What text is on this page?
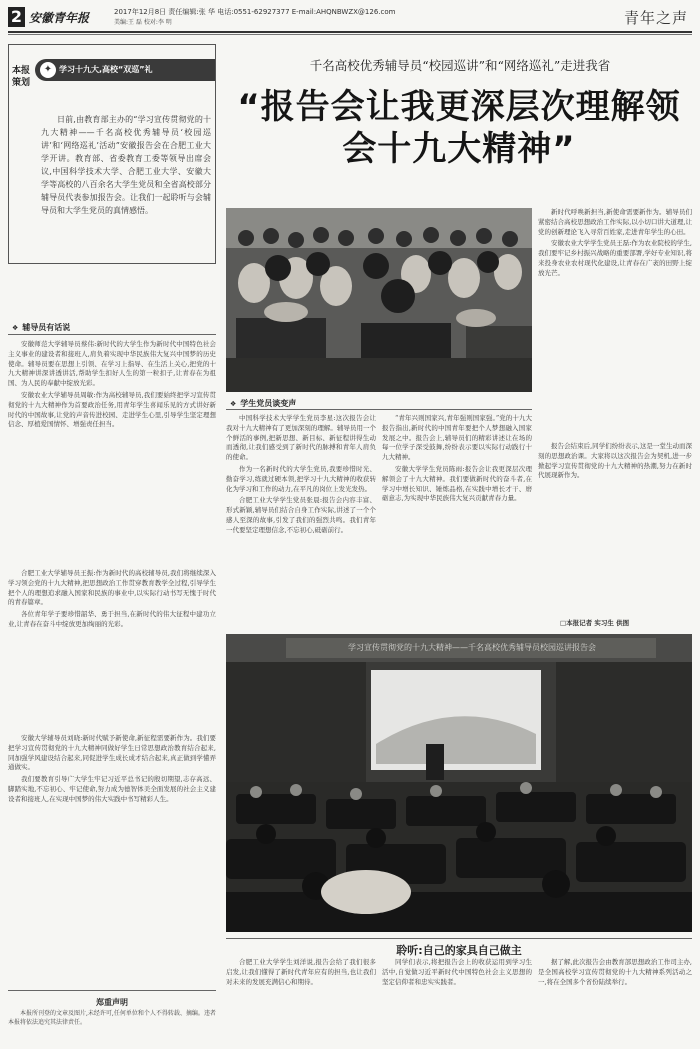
2 安徽青年报	2017年12月8日 责任编辑:张 华 电话:0551-62927377 E-mail:AHQNBWZX@126.com
美编:王 磊 校对:李 明	青年之声
本报策划
✦ 学习十九大,高校“双巡”礼
日前,由教育部主办的“学习宣传贯彻党的十九大精神——千名高校优秀辅导员‘校园巡讲’和‘网络巡礼’活动”安徽报告会在合肥工业大学开讲。教育部、省委教育工委等领导出席会议,中国科学技术大学、合肥工业大学、安徽大学等高校的八百余名大学生党员和全省高校部分辅导员代表参加报告会。让我们一起聆听与会辅导员和大学生党员的真情感悟。
❖ 辅导员有话说

安徽师范大学辅导员蔡伟:新时代的大学生作为新时代中国特色社会主义事业的建设者和接班人,肩负着实现中华民族伟大复兴中国梦的历史使命。辅导员要在思想上引领、在学习上指导、在生活上关心,把党的十九大精神讲深讲透讲活,帮助学生扣好人生的第一粒扣子,让青春在为祖国、为人民的奉献中绽放光彩。

安徽农业大学辅导员周敏:作为高校辅导员,我们要始终把学习宣传贯彻党的十九大精神作为首要政治任务,用青年学生喜闻乐见的方式讲好新时代的中国故事,让党的声音传进校园、走进学生心里,引导学生坚定理想信念、厚植爱国情怀、增强责任担当。

合肥工业大学辅导员王振:作为新时代的高校辅导员,我们将继续深入学习领会党的十九大精神,把思想政治工作贯穿教育教学全过程,引导学生把个人的理想追求融入国家和民族的事业中,以实际行动书写无愧于时代的青春篇章。

各位青年学子要珍惜韶华、勇于担当,在新时代的伟大征程中建功立业,让青春在奋斗中绽放更加绚丽的光彩。

安徽大学辅导员刘晓:新时代赋予新使命,新征程需要新作为。我们要把学习宣传贯彻党的十九大精神同做好学生日常思想政治教育结合起来,同加强学风建设结合起来,同促进学生成长成才结合起来,真正做到学懂弄通做实。

我们要教育引导广大学生牢记习近平总书记的殷切期望,志存高远、脚踏实地,不忘初心、牢记使命,努力成为德智体美全面发展的社会主义建设者和接班人,在实现中国梦的伟大实践中书写精彩人生。

千名高校优秀辅导员“校园巡讲”和“网络巡礼”走进我省
“报告会让我更深层次理解领会十九大精神”

新时代呼唤新担当,新使命需要新作为。辅导员们紧密结合高校思想政治工作实际,以小切口讲大道理,让党的创新理论飞入寻常百姓家,走进青年学生的心田。

安徽农业大学学生党员王磊:作为农业院校的学生,我们要牢记乡村振兴战略的重要部署,学好专业知识,将来投身农业农村现代化建设,让青春在广袤的田野上绽放光芒。

❖ 学生党员谈变声

中国科学技术大学学生党员李星:这次报告会让我对十九大精神有了更加深刻的理解。辅导员用一个个鲜活的事例,把新思想、新目标、新征程讲得生动而透彻,让我们感受到了新时代的脉搏和青年人肩负的使命。

作为一名新时代的大学生党员,我要珍惜时光、勤奋学习,练就过硬本领,把学习十九大精神的收获转化为学习和工作的动力,在平凡的岗位上发光发热。

合肥工业大学学生党员张晨:报告会内容丰富、形式新颖,辅导员们结合自身工作实际,讲述了一个个感人至深的故事,引发了我们的强烈共鸣。我们青年一代要坚定理想信念,不忘初心,砥砺前行。

“青年兴则国家兴,青年强则国家强。”党的十九大报告指出,新时代的中国青年要把个人梦想融入国家发展之中。报告会上,辅导员们的精彩讲述让在场的每一位学子深受鼓舞,纷纷表示要以实际行动践行十九大精神。

安徽大学学生党员陈雨:报告会让我更深层次理解领会了十九大精神。我们要做新时代的奋斗者,在学习中增长知识、锤炼品格,在实践中增长才干、磨砺意志,为实现中华民族伟大复兴贡献青春力量。

报告会结束后,同学们纷纷表示,这是一堂生动而深刻的思想政治课。大家将以这次报告会为契机,进一步掀起学习宣传贯彻党的十九大精神的热潮,努力在新时代展现新作为。

□本报记者 实习生 供图
学习宣传贯彻党的十九大精神——千名高校优秀辅导员校园巡讲报告会
聆听:自己的家具自己做主

合肥工业大学学生刘洋说,报告会给了我们很多启发,让我们懂得了新时代青年应有的担当,也让我们对未来的发展充满信心和期待。

同学们表示,将把报告会上的收获运用到学习生活中,自觉做习近平新时代中国特色社会主义思想的坚定信仰者和忠实实践者。

据了解,此次报告会由教育部思想政治工作司主办,是全国高校学习宣传贯彻党的十九大精神系列活动之一,将在全国多个省份陆续举行。

郑重声明
本报所刊登的文章及图片,未经许可,任何单位和个人不得转载、摘编。违者本报将依法追究其法律责任。
